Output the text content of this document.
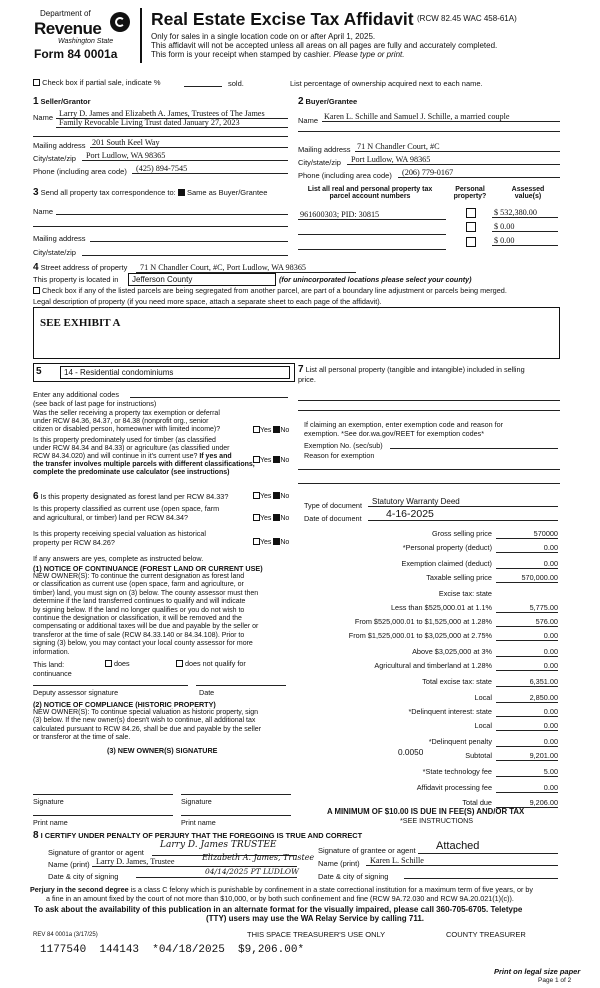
Department of
Revenue
Washington State
Form 84 0001a
Real Estate Excise Tax Affidavit (RCW 82.45 WAC 458-61A)
Only for sales in a single location code on or after April 1, 2025.
This affidavit will not be accepted unless all areas on all pages are fully and accurately completed.
This form is your receipt when stamped by cashier. Please type or print.
Check box if partial sale, indicate %	sold.	List percentage of ownership acquired next to each name.
1 Seller/Grantor
Name Larry D. James and Elizabeth A. James, Trustees of The James
Family Revocable Living Trust dated January 27, 2023
Mailing address 201 South Keel Way
City/state/zip Port Ludlow, WA 98365
Phone (including area code) (425) 894-7545
2 Buyer/Grantee
Name Karen L. Schille and Samuel J. Schille, a married couple
Mailing address 71 N Chandler Court, #C
City/state/zip Port Ludlow, WA 98365
Phone (including area code) (206) 779-0167
3 Send all property tax correspondence to: Same as Buyer/Grantee
Name
Mailing address
City/state/zip
List all real and personal property tax
parcel account numbers
Personal
property?
Assessed
value(s)
961600303; PID: 30815	$ 532,380.00
$ 0.00
$ 0.00
4 Street address of property 71 N Chandler Court, #C, Port Ludlow, WA 98365
This property is located in Jefferson County	(for unincorporated locations please select your county)
Check box if any of the listed parcels are being segregated from another parcel, are part of a boundary line adjustment or parcels being merged.
Legal description of property (if you need more space, attach a separate sheet to each page of the affidavit).
SEE EXHIBIT A
5	14 - Residential condominiums
Enter any additional codes
(see back of last page for instructions)
Was the seller receiving a property tax exemption or deferral
under RCW 84.36, 84.37, or 84.38 (nonprofit org., senior
citizen or disabled person, homeowner with limited income)?	Yes No
Is this property predominately used for timber (as classified
under RCW 84.34 and 84.33) or agriculture (as classified under
RCW 84.34.020) and will continue in it's current use? If yes and
the transfer involves multiple parcels with different classifications,
complete the predominate use calculator (see instructions)
Yes No
6 Is this property designated as forest land per RCW 84.33?	Yes No
Is this property classified as current use (open space, farm
and agricultural, or timber) land per RCW 84.34?	Yes No
Is this property receiving special valuation as historical
property per RCW 84.26?	Yes No
If any answers are yes, complete as instructed below.
(1) NOTICE OF CONTINUANCE (FOREST LAND OR CURRENT USE)
NEW OWNER(S): To continue the current designation as forest land
or classification as current use (open space, farm and agriculture, or
timber) land, you must sign on (3) below. The county assessor must then
determine if the land transferred continues to qualify and will indicate
by signing below. If the land no longer qualifies or you do not wish to
continue the designation or classification, it will be removed and the
compensating or additional taxes will be due and payable by the seller or
transferor at the time of sale (RCW 84.33.140 or 84.34.108). Prior to
signing (3) below, you may contact your local county assessor for more
information.
This land:	does	does not qualify for
continuance
Deputy assessor signature	Date
(2) NOTICE OF COMPLIANCE (HISTORIC PROPERTY)
NEW OWNER(S): To continue special valuation as historic property, sign
(3) below. If the new owner(s) doesn't wish to continue, all additional tax
calculated pursuant to RCW 84.26, shall be due and payable by the seller
or transferor at the time of sale.
(3) NEW OWNER(S) SIGNATURE
Signature	Signature
Print name	Print name
7 List all personal property (tangible and intangible) included in selling
price.
If claiming an exemption, enter exemption code and reason for
exemption. *See dor.wa.gov/REET for exemption codes*
Exemption No. (sec/sub)
Reason for exemption
Type of document Statutory Warranty Deed
Date of document 4-16-2025
Gross selling price	570000
*Personal property (deduct)	0.00
Exemption claimed (deduct)	0.00
Taxable selling price	570,000.00
Excise tax: state
Less than $525,000.01 at 1.1%	5,775.00
From $525,000.01 to $1,525,000 at 1.28%	576.00
From $1,525,000.01 to $3,025,000 at 2.75%	0.00
Above $3,025,000 at 3%	0.00
Agricultural and timberland at 1.28%	0.00
Total excise tax: state	6,351.00
Local	2,850.00
*Delinquent interest: state	0.00
Local	0.00
*Delinquent penalty	0.00
Subtotal	9,201.00
*State technology fee	5.00
Affidavit processing fee	0.00
Total due	9,206.00
0.0050
A MINIMUM OF $10.00 IS DUE IN FEE(S) AND/OR TAX
*SEE INSTRUCTIONS
8 I CERTIFY UNDER PENALTY OF PERJURY THAT THE FOREGOING IS TRUE AND CORRECT
Signature of grantor or agent
Larry D. James TRUSTEE
Name (print) Larry D. James, Trustee	Elizabeth A. James, Trustee
Date & city of signing
04/14/2025 PT LUDLOW
Signature of grantee or agent Attached
Name (print) Karen L. Schille
Date & city of signing
Perjury in the second degree is a class C felony which is punishable by confinement in a state correctional institution for a maximum term of five years, or by
a fine in an amount fixed by the court of not more than $10,000, or by both such confinement and fine (RCW 9A.72.030 and RCW 9A.20.021(1)(c)).
To ask about the availability of this publication in an alternate format for the visually impaired, please call 360-705-6705. Teletype
(TTY) users may use the WA Relay Service by calling 711.
REV 84 0001a (3/17/25)	THIS SPACE TREASURER'S USE ONLY	COUNTY TREASURER
1177540  144143  *04/18/2025  $9,206.00*
Print on legal size paper
Page 1 of 2
